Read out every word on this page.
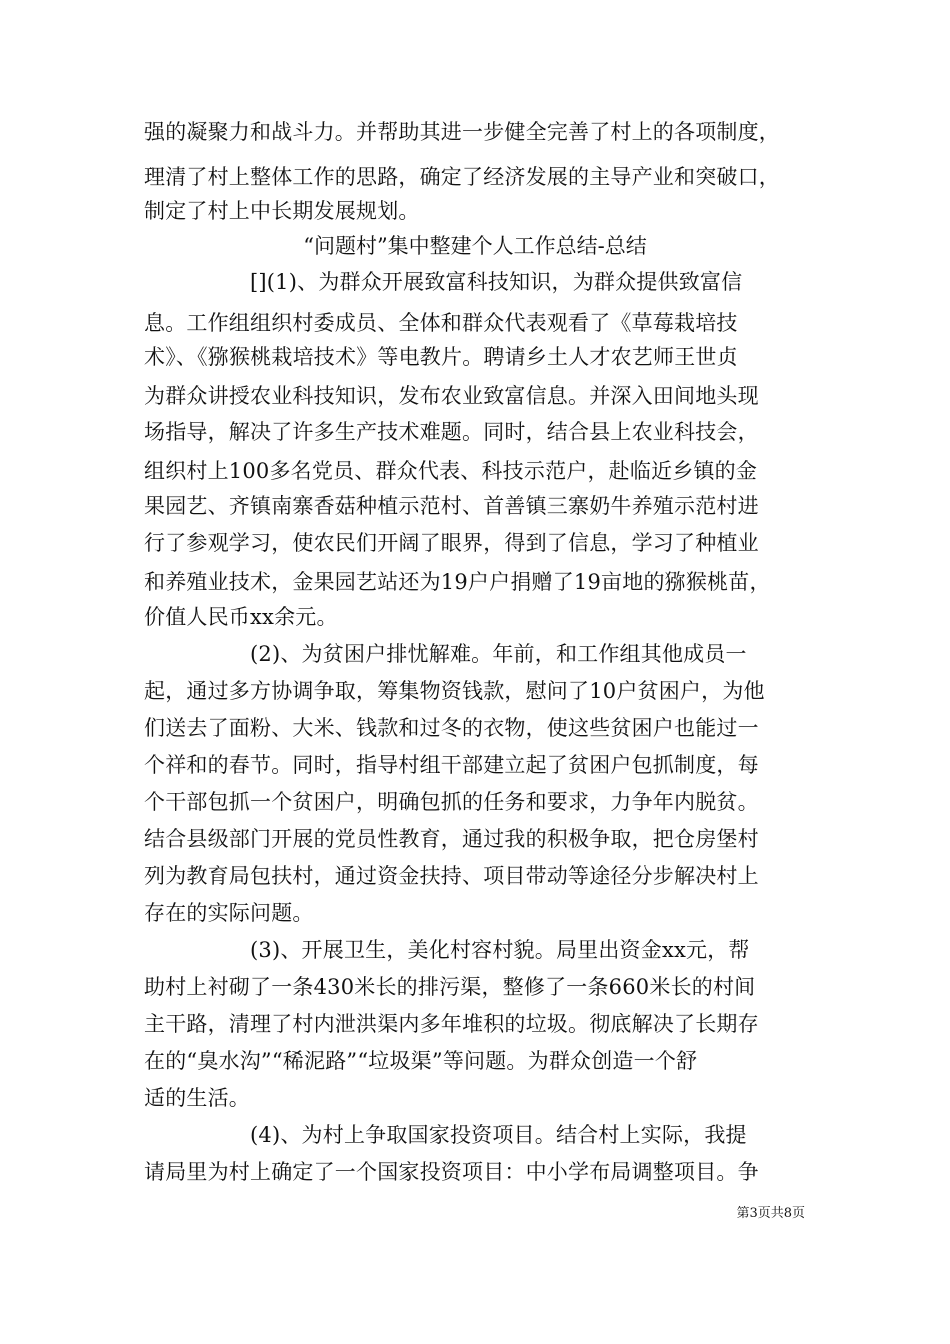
强的凝聚力和战斗力。并帮助其进一步健全完善了村上的各项制度，
理清了村上整体工作的思路，确定了经济发展的主导产业和突破口，
制定了村上中长期发展规划。
“问题村”集中整建个人工作总结-总结
[](1)、为群众开展致富科技知识，为群众提供致富信
息。工作组组织村委成员、全体和群众代表观看了《草莓栽培技
术》、《猕猴桃栽培技术》等电教片。聘请乡土人才农艺师王世贞
为群众讲授农业科技知识，发布农业致富信息。并深入田间地头现
场指导，解决了许多生产技术难题。同时，结合县上农业科技会，
组织村上100多名党员、群众代表、科技示范户，赴临近乡镇的金
果园艺、齐镇南寨香菇种植示范村、首善镇三寨奶牛养殖示范村进
行了参观学习，使农民们开阔了眼界，得到了信息，学习了种植业
和养殖业技术，金果园艺站还为19户户捐赠了19亩地的猕猴桃苗，
价值人民币xx余元。
(2)、为贫困户排忧解难。年前，和工作组其他成员一
起，通过多方协调争取，筹集物资钱款，慰问了10户贫困户，为他
们送去了面粉、大米、钱款和过冬的衣物，使这些贫困户也能过一
个祥和的春节。同时，指导村组干部建立起了贫困户包抓制度，每
个干部包抓一个贫困户，明确包抓的任务和要求，力争年内脱贫。
结合县级部门开展的党员性教育，通过我的积极争取，把仓房堡村
列为教育局包扶村，通过资金扶持、项目带动等途径分步解决村上
存在的实际问题。
(3)、开展卫生，美化村容村貌。局里出资金xx元，帮
助村上衬砌了一条430米长的排污渠，整修了一条660米长的村间
主干路，清理了村内泄洪渠内多年堆积的垃圾。彻底解决了长期存
在的“臭水沟”“稀泥路”“垃圾渠”等问题。为群众创造一个舒
适的生活。
(4)、为村上争取国家投资项目。结合村上实际，我提
请局里为村上确定了一个国家投资项目：中小学布局调整项目。争
第3页共8页
